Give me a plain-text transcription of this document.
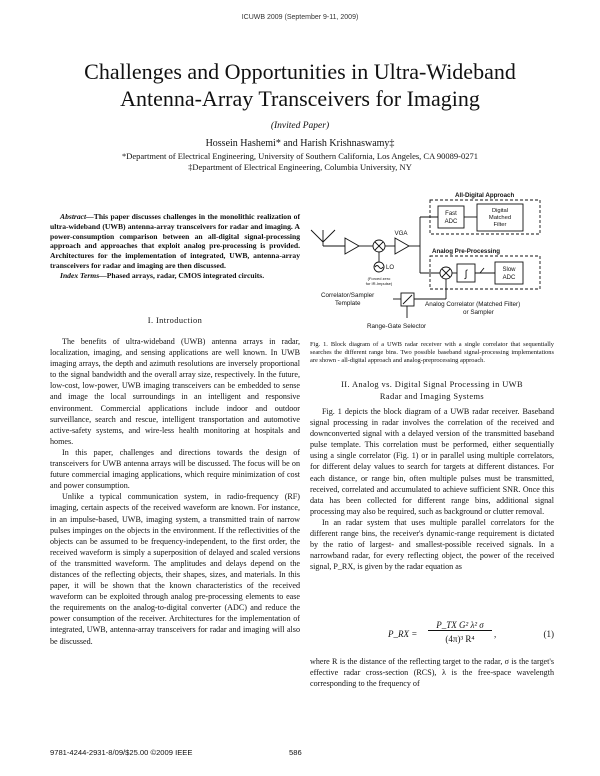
ICUWB 2009 (September 9-11, 2009)
Challenges and Opportunities in Ultra-Wideband
Antenna-Array Transceivers for Imaging
(Invited Paper)
Hossein Hashemi* and Harish Krishnaswamy‡
*Department of Electrical Engineering, University of Southern California, Los Angeles, CA 90089-0271
‡Department of Electrical Engineering, Columbia University, NY

Abstract—This paper discusses challenges in the monolithic realization of ultra-wideband (UWB) antenna-array transceivers for radar and imaging. A power-consumption comparison between an all-digital signal-processing approach and approaches that exploit analog pre-processing is provided. Architectures for the implementation of integrated, UWB, antenna-array transceivers for radar and imaging are then discussed.

Index Terms—Phased arrays, radar, CMOS integrated circuits.

I. Introduction

The benefits of ultra-wideband (UWB) antenna arrays in radar, localization, imaging, and sensing applications are well known. In UWB imaging arrays, the depth and azimuth resolutions are inversely proportional to the signal bandwidth and the overall array size, respectively. In the future, low-cost, low-power, UWB imaging transceivers can be embedded to sense and image the local surroundings in an intelligent and responsive environment. Commercial applications include indoor and outdoor surveillance, search and rescue, intelligent transportation and automotive active-safety systems, and wire-less health monitoring at hospitals and homes.

In this paper, challenges and directions towards the design of transceivers for UWB antenna arrays will be discussed. The focus will be on future commercial imaging applications, which require minimization of cost and power consumption.

Unlike a typical communication system, in radio-frequency (RF) imaging, certain aspects of the received waveform are known. For instance, in an impulse-based, UWB, imaging system, a transmitted train of narrow pulses impinges on the objects in the environment. If the reflectivities of the objects can be assumed to be frequency-independent, to the first order, the received waveform is simply a superposition of delayed and scaled versions of the transmitted waveform. The amplitudes and delays depend on the distances of the reflecting objects, their shapes, sizes, and materials. In this paper, it will be shown that the known characteristics of the received waveform can be exploited through analog pre-processing elements to ease the requirements on the analog-to-digital converter (ADC) and reduce the power consumption of the receiver. Architectures for the implementation of integrated, UWB, antenna-array transceivers for radar and imaging will also be discussed.

All-Digital Approach
Fast
ADC
Digital
Matched
Filter
Analog Pre-Processing
∫	Slow
ADC
VGA
LO
(Forced zero
for IR-Impulse)
Correlator/Sampler
Template	Analog Correlator (Matched Filter)
or Sampler
Range-Gate Selector
Fig. 1. Block diagram of a UWB radar receiver with a single correlator that sequentially searches the different range bins. Two possible baseband signal-processing implementations are shown - all-digital approach and analog-preprocessing approach.
II. Analog vs. Digital Signal Processing in UWB
Radar and Imaging Systems

Fig. 1 depicts the block diagram of a UWB radar receiver. Baseband signal processing in radar involves the correlation of the received and downconverted signal with a delayed version of the transmitted baseband pulse template. This correlation must be performed, either sequentially using a single correlator (Fig. 1) or in parallel using multiple correlators, for different delay values to search for targets at different distances. For each distance, or range bin, often multiple pulses must be transmitted, received, correlated and accumulated to achieve sufficient SNR. Once this data has been collected for different range bins, additional signal processing may also be required, such as background or clutter removal.

In an radar system that uses multiple parallel correlators for the different range bins, the receiver's dynamic-range requirement is dictated by the ratio of largest- and smallest-possible received signals. In a narrowband radar, for every reflecting object, the power of the received signal, P_RX, is given by the radar equation as

P_RX =
P_TX G² λ² σ
(4π)³ R⁴	,	(1)

where R is the distance of the reflecting target to the radar, σ is the target's effective radar cross-section (RCS), λ is the free-space wavelength corresponding to the frequency of

9781-4244-2931-8/09/$25.00 ©2009 IEEE	586
